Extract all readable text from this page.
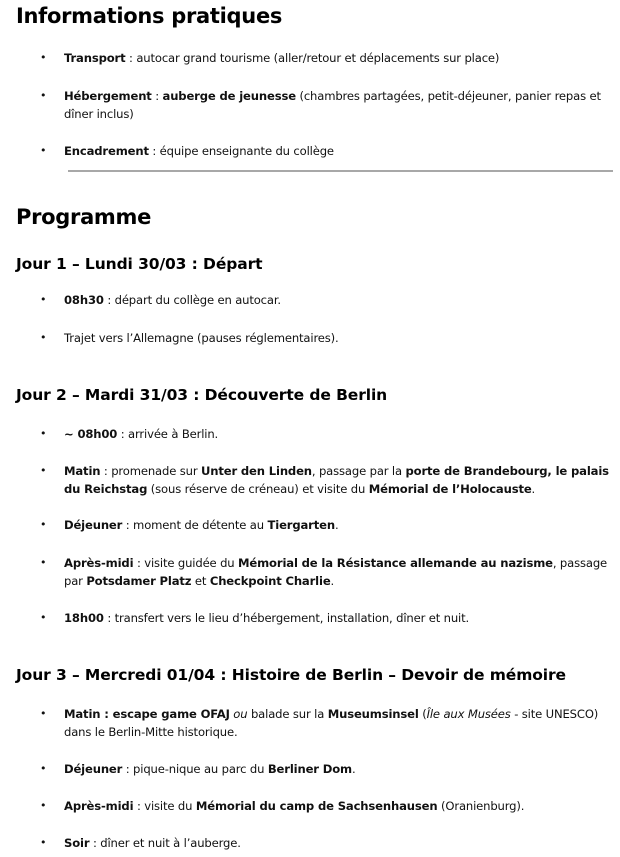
Informations pratiques
• Transport : autocar grand tourisme (aller/retour et déplacements sur place)
• Hébergement : auberge de jeunesse (chambres partagées, petit-déjeuner, panier repas et dîner inclus)
• Encadrement : équipe enseignante du collège
Programme
Jour 1 – Lundi 30/03 : Départ
• 08h30 : départ du collège en autocar.
• Trajet vers l’Allemagne (pauses réglementaires).
Jour 2 – Mardi 31/03 : Découverte de Berlin
• ~ 08h00 : arrivée à Berlin.
• Matin : promenade sur Unter den Linden, passage par la porte de Brandebourg, le palais du Reichstag (sous réserve de créneau) et visite du Mémorial de l’Holocauste.
• Déjeuner : moment de détente au Tiergarten.
• Après-midi : visite guidée du Mémorial de la Résistance allemande au nazisme, passage par Potsdamer Platz et Checkpoint Charlie.
• 18h00 : transfert vers le lieu d’hébergement, installation, dîner et nuit.
Jour 3 – Mercredi 01/04 : Histoire de Berlin – Devoir de mémoire
• Matin : escape game OFAJ ou balade sur la Museumsinsel (Île aux Musées - site UNESCO) dans le Berlin-Mitte historique.
• Déjeuner : pique-nique au parc du Berliner Dom.
• Après-midi : visite du Mémorial du camp de Sachsenhausen (Oranienburg).
• Soir : dîner et nuit à l’auberge.
